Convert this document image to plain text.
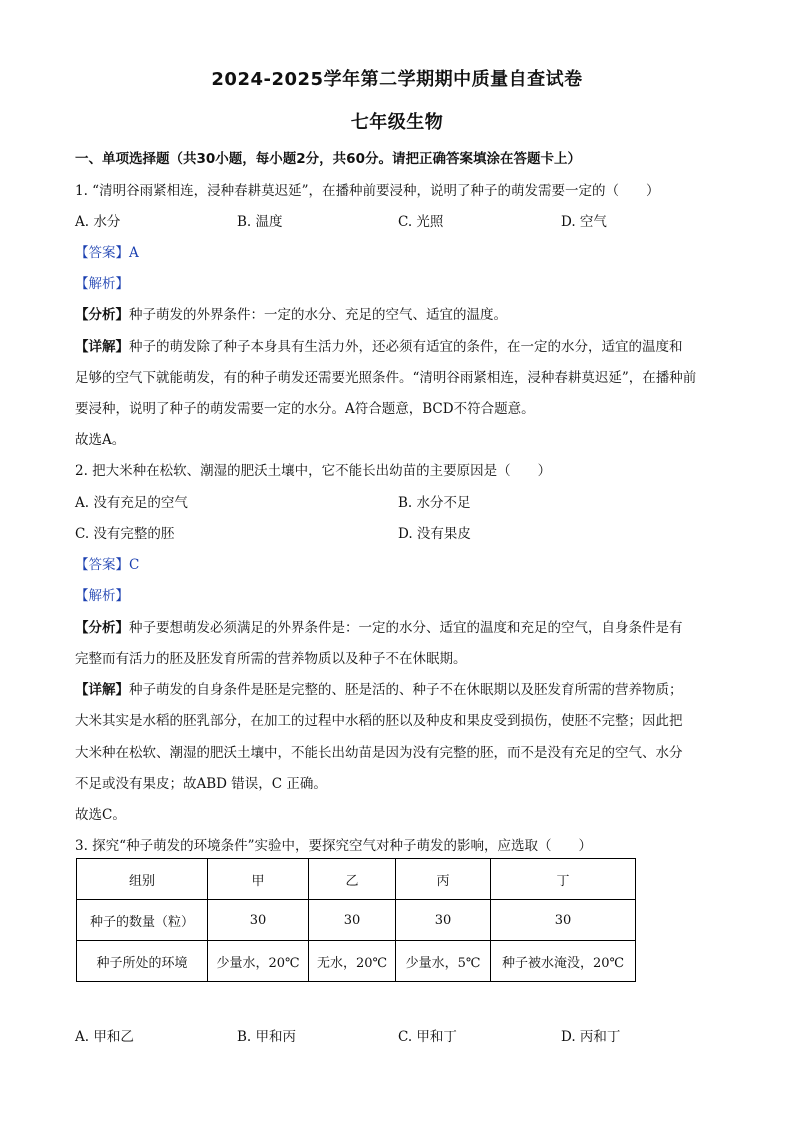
2024-2025学年第二学期期中质量自查试卷
七年级生物
一、单项选择题（共30小题，每小题2分，共60分。请把正确答案填涂在答题卡上）
1. “清明谷雨紧相连，浸种春耕莫迟延”，在播种前要浸种，说明了种子的萌发需要一定的（　　）
A. 水分	B. 温度	C. 光照	D. 空气
【答案】A
【解析】
【分析】种子萌发的外界条件：一定的水分、充足的空气、适宜的温度。
【详解】种子的萌发除了种子本身具有生活力外，还必须有适宜的条件，在一定的水分，适宜的温度和
足够的空气下就能萌发，有的种子萌发还需要光照条件。“清明谷雨紧相连，浸种春耕莫迟延”，在播种前
要浸种，说明了种子的萌发需要一定的水分。A符合题意，BCD不符合题意。
故选A。
2. 把大米种在松软、潮湿的肥沃土壤中，它不能长出幼苗的主要原因是（　　）
A. 没有充足的空气	B. 水分不足
C. 没有完整的胚	D. 没有果皮
【答案】C
【解析】
【分析】种子要想萌发必须满足的外界条件是：一定的水分、适宜的温度和充足的空气，自身条件是有
完整而有活力的胚及胚发育所需的营养物质以及种子不在休眠期。
【详解】种子萌发的自身条件是胚是完整的、胚是活的、种子不在休眠期以及胚发育所需的营养物质；
大米其实是水稻的胚乳部分，在加工的过程中水稻的胚以及种皮和果皮受到损伤，使胚不完整；因此把
大米种在松软、潮湿的肥沃土壤中，不能长出幼苗是因为没有完整的胚，而不是没有充足的空气、水分
不足或没有果皮；故ABD 错误，C 正确。
故选C。
3. 探究“种子萌发的环境条件”实验中，要探究空气对种子萌发的影响，应选取（　　）
组别	甲	乙	丙	丁
种子的数量（粒）	30	30	30	30
种子所处的环境	少量水，20℃	无水，20℃	少量水，5℃	种子被水淹没，20℃
A. 甲和乙	B. 甲和丙	C. 甲和丁	D. 丙和丁
